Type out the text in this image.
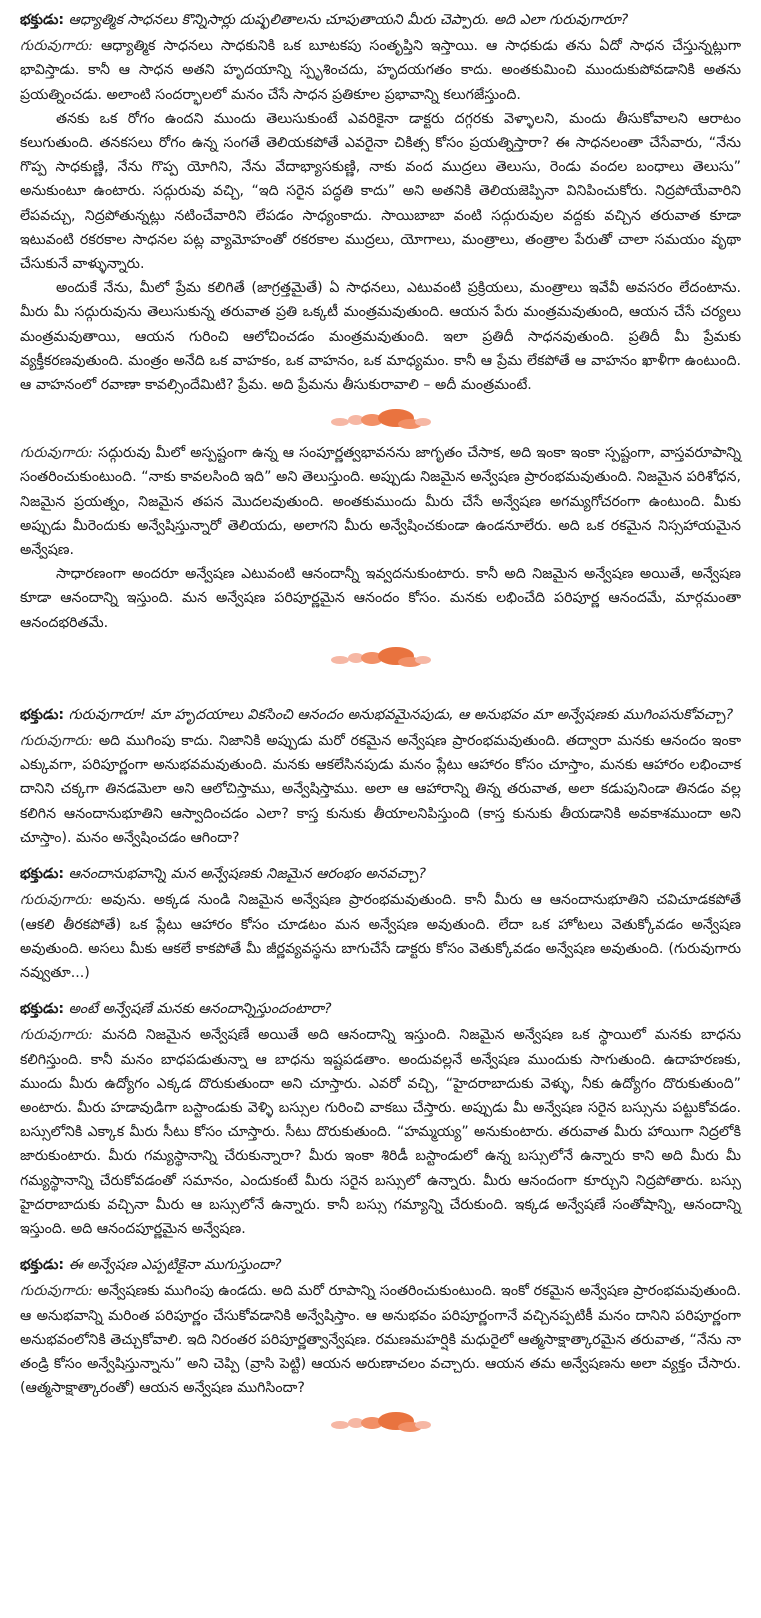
భక్తుడు: ఆధ్యాత్మిక సాధనలు కొన్నిసార్లు దుష్ఫలితాలను చూపుతాయని మీరు చెప్పారు. అది ఎలా గురువుగారూ?

గురువుగారు: ఆధ్యాత్మిక సాధనలు సాధకునికి ఒక బూటకపు సంతృప్తిని ఇస్తాయి. ఆ సాధకుడు తను ఏదో సాధన చేస్తున్నట్లుగా భావిస్తాడు. కానీ ఆ సాధన అతని హృదయాన్ని స్పృశించదు, హృదయగతం కాదు. అంతకుమించి ముందుకుపోవడానికి అతను ప్రయత్నించడు. అలాంటి సందర్భాలలో మనం చేసే సాధన ప్రతికూల ప్రభావాన్ని కలుగజేస్తుంది.

తనకు ఒక రోగం ఉందని ముందు తెలుసుకుంటే ఎవరికైనా డాక్టరు దగ్గరకు వెళ్ళాలని, మందు తీసుకోవాలని ఆరాటం కలుగుతుంది. తనకసలు రోగం ఉన్న సంగతే తెలియకపోతే ఎవరైనా చికిత్స కోసం ప్రయత్నిస్తారా? ఈ సాధనలంతా చేసేవారు, “నేను గొప్ప సాధకుణ్ణి, నేను గొప్ప యోగిని, నేను వేదాభ్యాసకుణ్ణి, నాకు వంద ముద్రలు తెలుసు, రెండు వందల బంధాలు తెలుసు” అనుకుంటూ ఉంటారు. సద్గురువు వచ్చి, “ఇది సరైన పద్ధతి కాదు” అని అతనికి తెలియజెప్పినా వినిపించుకోరు. నిద్రపోయేవారిని లేపవచ్చు, నిద్రపోతున్నట్లు నటించేవారిని లేపడం సాధ్యంకాదు. సాయిబాబా వంటి సద్గురువుల వద్దకు వచ్చిన తరువాత కూడా ఇటువంటి రకరకాల సాధనల పట్ల వ్యామోహంతో రకరకాల ముద్రలు, యోగాలు, మంత్రాలు, తంత్రాల పేరుతో చాలా సమయం వృథా చేసుకునే వాళ్ళున్నారు.

అందుకే నేను, మీలో ప్రేమ కలిగితే (జాగ్రత్తమైతే) ఏ సాధనలు, ఎటువంటి ప్రక్రియలు, మంత్రాలు ఇవేవీ అవసరం లేదంటాను. మీరు మీ సద్గురువును తెలుసుకున్న తరువాత ప్రతి ఒక్కటీ మంత్రమవుతుంది. ఆయన పేరు మంత్రమవుతుంది, ఆయన చేసే చర్యలు మంత్రమవుతాయి, ఆయన గురించి ఆలోచించడం మంత్రమవుతుంది. ఇలా ప్రతిదీ సాధనవుతుంది. ప్రతిదీ మీ ప్రేమకు వ్యక్తీకరణవుతుంది. మంత్రం అనేది ఒక వాహకం, ఒక వాహనం, ఒక మాధ్యమం. కానీ ఆ ప్రేమ లేకపోతే ఆ వాహనం ఖాళీగా ఉంటుంది. ఆ వాహనంలో రవాణా కావల్సిందేమిటి? ప్రేమ. అది ప్రేమను తీసుకురావాలి – అదీ మంత్రమంటే.

గురువుగారు: సద్గురువు మీలో అస్పష్టంగా ఉన్న ఆ సంపూర్ణత్వభావనను జాగృతం చేసాక, అది ఇంకా ఇంకా స్పష్టంగా, వాస్తవరూపాన్ని సంతరించుకుంటుంది. “నాకు కావలసింది ఇది” అని తెలుస్తుంది. అప్పుడు నిజమైన అన్వేషణ ప్రారంభమవుతుంది. నిజమైన పరిశోధన, నిజమైన ప్రయత్నం, నిజమైన తపన మొదలవుతుంది. అంతకుముందు మీరు చేసే అన్వేషణ అగమ్యగోచరంగా ఉంటుంది. మీకు అప్పుడు మీరెందుకు అన్వేషిస్తున్నారో తెలియదు, అలాగని మీరు అన్వేషించకుండా ఉండనూలేరు. అది ఒక రకమైన నిస్సహాయమైన అన్వేషణ.

సాధారణంగా అందరూ అన్వేషణ ఎటువంటి ఆనందాన్నీ ఇవ్వదనుకుంటారు. కానీ అది నిజమైన అన్వేషణ అయితే, అన్వేషణ కూడా ఆనందాన్ని ఇస్తుంది. మన అన్వేషణ పరిపూర్ణమైన ఆనందం కోసం. మనకు లభించేది పరిపూర్ణ ఆనందమే, మార్గమంతా ఆనందభరితమే.

భక్తుడు: గురువుగారూ! మా హృదయాలు వికసించి ఆనందం అనుభవమైనపుడు, ఆ అనుభవం మా అన్వేషణకు ముగింపనుకోవచ్చా?

గురువుగారు: అది ముగింపు కాదు. నిజానికి అప్పుడు మరో రకమైన అన్వేషణ ప్రారంభమవుతుంది. తద్వారా మనకు ఆనందం ఇంకా ఎక్కువగా, పరిపూర్ణంగా అనుభవమవుతుంది. మనకు ఆకలేసినపుడు మనం ప్లేటు ఆహారం కోసం చూస్తాం, మనకు ఆహారం లభించాక దానిని చక్కగా తినడమెలా అని ఆలోచిస్తాము, అన్వేషిస్తాము. అలా ఆ ఆహారాన్ని తిన్న తరువాత, అలా కడుపునిండా తినడం వల్ల కలిగిన ఆనందానుభూతిని ఆస్వాదించడం ఎలా? కాస్త కునుకు తీయాలనిపిస్తుంది (కాస్త కునుకు తీయడానికి అవకాశముందా అని చూస్తాం). మనం అన్వేషించడం ఆగిందా?

భక్తుడు: ఆనందానుభవాన్ని మన అన్వేషణకు నిజమైన ఆరంభం అనవచ్చా?

గురువుగారు: అవును. అక్కడ నుండి నిజమైన అన్వేషణ ప్రారంభమవుతుంది. కానీ మీరు ఆ ఆనందానుభూతిని చవిచూడకపోతే (ఆకలి తీరకపోతే) ఒక ప్లేటు ఆహారం కోసం చూడటం మన అన్వేషణ అవుతుంది. లేదా ఒక హోటలు వెతుక్కోవడం అన్వేషణ అవుతుంది. అసలు మీకు ఆకలే కాకపోతే మీ జీర్ణవ్యవస్థను బాగుచేసే డాక్టరు కోసం వెతుక్కోవడం అన్వేషణ అవుతుంది. (గురువుగారు నవ్వుతూ...)

భక్తుడు: అంటే అన్వేషణే మనకు ఆనందాన్నిస్తుందంటారా?

గురువుగారు: మనది నిజమైన అన్వేషణే అయితే అది ఆనందాన్ని ఇస్తుంది. నిజమైన అన్వేషణ ఒక స్థాయిలో మనకు బాధను కలిగిస్తుంది. కానీ మనం బాధపడుతున్నా ఆ బాధను ఇష్టపడతాం. అందువల్లనే అన్వేషణ ముందుకు సాగుతుంది. ఉదాహరణకు, ముందు మీరు ఉద్యోగం ఎక్కడ దొరుకుతుందా అని చూస్తారు. ఎవరో వచ్చి, “హైదరాబాదుకు వెళ్ళు, నీకు ఉద్యోగం దొరుకుతుంది” అంటారు. మీరు హడావుడిగా బస్టాండుకు వెళ్ళి బస్సుల గురించి వాకబు చేస్తారు. అప్పుడు మీ అన్వేషణ సరైన బస్సును పట్టుకోవడం. బస్సులోనికి ఎక్కాక మీరు సీటు కోసం చూస్తారు. సీటు దొరుకుతుంది. “హమ్మయ్య” అనుకుంటారు. తరువాత మీరు హాయిగా నిద్రలోకి జారుకుంటారు. మీరు గమ్యస్థానాన్ని చేరుకున్నారా? మీరు ఇంకా శిరిడీ బస్టాండులో ఉన్న బస్సులోనే ఉన్నారు కాని అది మీరు మీ గమ్యస్థానాన్ని చేరుకోవడంతో సమానం, ఎందుకంటే మీరు సరైన బస్సులో ఉన్నారు. మీరు ఆనందంగా కూర్చుని నిద్రపోతారు. బస్సు హైదరాబాదుకు వచ్చినా మీరు ఆ బస్సులోనే ఉన్నారు. కానీ బస్సు గమ్యాన్ని చేరుకుంది. ఇక్కడ అన్వేషణే సంతోషాన్ని, ఆనందాన్ని ఇస్తుంది. అది ఆనందపూర్ణమైన అన్వేషణ.

భక్తుడు: ఈ అన్వేషణ ఎప్పటికైనా ముగుస్తుందా?

గురువుగారు: అన్వేషణకు ముగింపు ఉండదు. అది మరో రూపాన్ని సంతరించుకుంటుంది. ఇంకో రకమైన అన్వేషణ ప్రారంభమవుతుంది. ఆ అనుభవాన్ని మరింత పరిపూర్ణం చేసుకోవడానికి అన్వేషిస్తాం. ఆ అనుభవం పరిపూర్ణంగానే వచ్చినప్పటికీ మనం దానిని పరిపూర్ణంగా అనుభవంలోనికి తెచ్చుకోవాలి. ఇది నిరంతర పరిపూర్ణత్వాన్వేషణ. రమణమహర్షికి మధురైలో ఆత్మసాక్షాత్కారమైన తరువాత, “నేను నా తండ్రి కోసం అన్వేషిస్తున్నాను” అని చెప్పి (వ్రాసి పెట్టి) ఆయన అరుణాచలం వచ్చారు. ఆయన తమ అన్వేషణను అలా వ్యక్తం చేసారు. (ఆత్మసాక్షాత్కారంతో) ఆయన అన్వేషణ ముగిసిందా?
